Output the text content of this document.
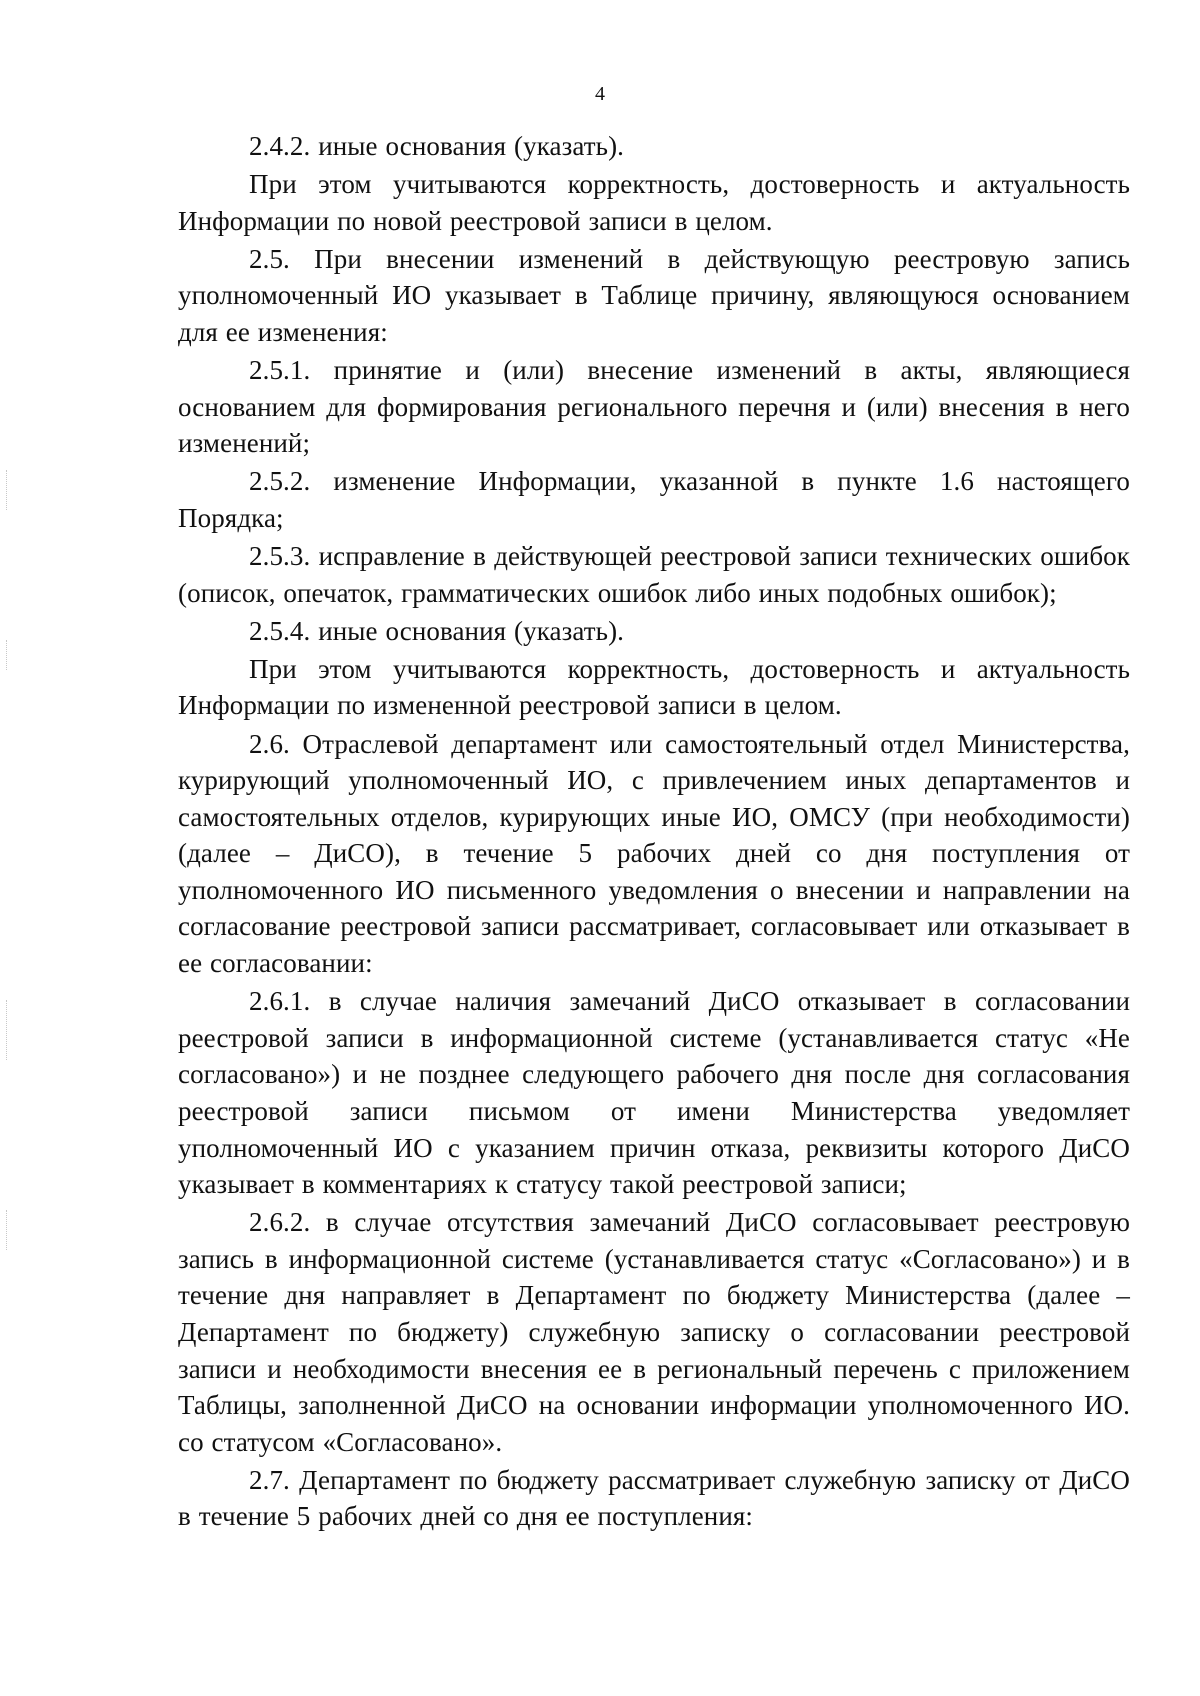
4

2.4.2. иные основания (указать).

При этом учитываются корректность, достоверность и актуальность Информации по новой реестровой записи в целом.

2.5. При внесении изменений в действующую реестровую запись уполномоченный ИО указывает в Таблице причину, являющуюся основанием для ее изменения:

2.5.1. принятие и (или) внесение изменений в акты, являющиеся основанием для формирования регионального перечня и (или) внесения в него изменений;

2.5.2. изменение Информации, указанной в пункте 1.6 настоящего Порядка;

2.5.3. исправление в действующей реестровой записи технических ошибок (описок, опечаток, грамматических ошибок либо иных подобных ошибок);

2.5.4. иные основания (указать).

При этом учитываются корректность, достоверность и актуальность Информации по измененной реестровой записи в целом.

2.6. Отраслевой департамент или самостоятельный отдел Министерства, курирующий уполномоченный ИО, с привлечением иных департаментов и самостоятельных отделов, курирующих иные ИО, ОМСУ (при необходимости) (далее – ДиСО), в течение 5 рабочих дней со дня поступления от уполномоченного ИО письменного уведомления о внесении и направлении на согласование реестровой записи рассматривает, согласовывает или отказывает в ее согласовании:

2.6.1. в случае наличия замечаний ДиСО отказывает в согласовании реестровой записи в информационной системе (устанавливается статус «Не согласовано») и не позднее следующего рабочего дня после дня согласования реестровой записи письмом от имени Министерства уведомляет уполномоченный ИО с указанием причин отказа, реквизиты которого ДиСО указывает в комментариях к статусу такой реестровой записи;

2.6.2. в случае отсутствия замечаний ДиСО согласовывает реестровую запись в информационной системе (устанавливается статус «Согласовано») и в течение дня направляет в Департамент по бюджету Министерства (далее – Департамент по бюджету) служебную записку о согласовании реестровой записи и необходимости внесения ее в региональный перечень с приложением Таблицы, заполненной ДиСО на основании информации уполномоченного ИО. со статусом «Согласовано».

2.7. Департамент по бюджету рассматривает служебную записку от ДиСО в течение 5 рабочих дней со дня ее поступления:
